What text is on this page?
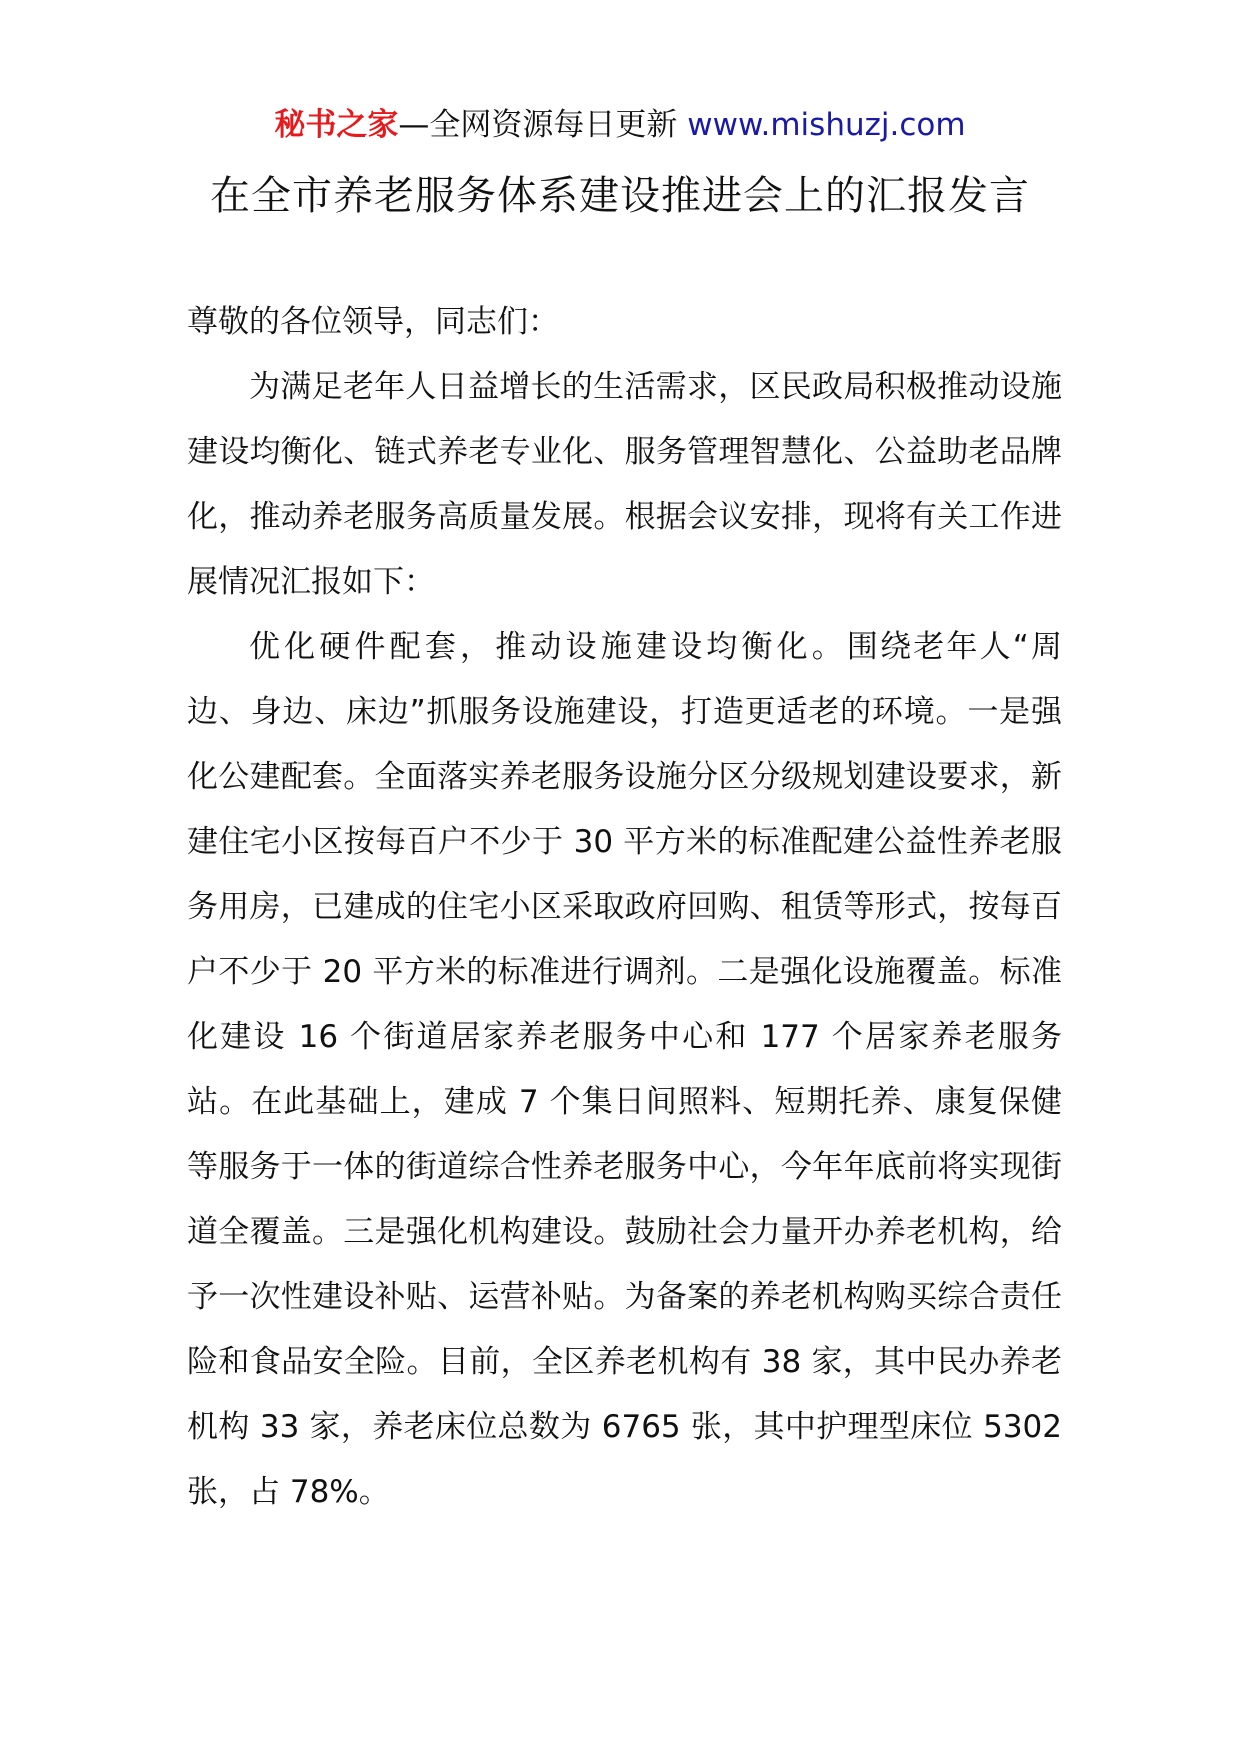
秘书之家—全网资源每日更新 www.mishuzj.com
在全市养老服务体系建设推进会上的汇报发言

尊敬的各位领导，同志们：

为满足老年人日益增长的生活需求，区民政局积极推动设施建设均衡化、链式养老专业化、服务管理智慧化、公益助老品牌化，推动养老服务高质量发展。根据会议安排，现将有关工作进展情况汇报如下：

优化硬件配套，推动设施建设均衡化。围绕老年人“周边、身边、床边”抓服务设施建设，打造更适老的环境。一是强化公建配套。全面落实养老服务设施分区分级规划建设要求，新建住宅小区按每百户不少于 30 平方米的标准配建公益性养老服务用房，已建成的住宅小区采取政府回购、租赁等形式，按每百户不少于 20 平方米的标准进行调剂。二是强化设施覆盖。标准化建设 16 个街道居家养老服务中心和 177 个居家养老服务站。在此基础上，建成 7 个集日间照料、短期托养、康复保健等服务于一体的街道综合性养老服务中心，今年年底前将实现街道全覆盖。三是强化机构建设。鼓励社会力量开办养老机构，给予一次性建设补贴、运营补贴。为备案的养老机构购买综合责任险和食品安全险。目前，全区养老机构有 38 家，其中民办养老机构 33 家，养老床位总数为 6765 张，其中护理型床位 5302 张，占 78%。
